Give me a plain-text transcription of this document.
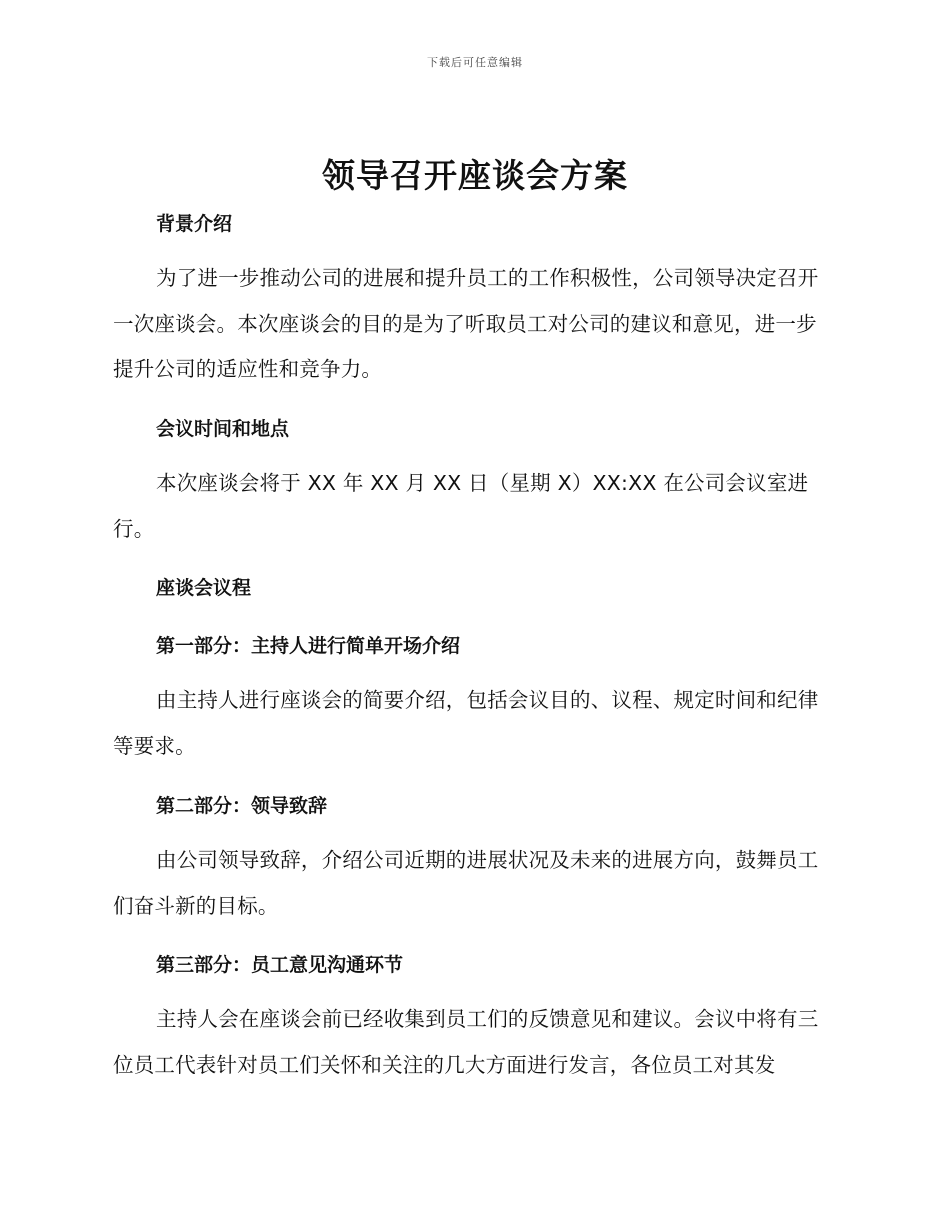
下载后可任意编辑
领导召开座谈会方案
背景介绍

为了进一步推动公司的进展和提升员工的工作积极性，公司领导决定召开一次座谈会。本次座谈会的目的是为了听取员工对公司的建议和意见，进一步提升公司的适应性和竞争力。

会议时间和地点

本次座谈会将于 XX 年 XX 月 XX 日（星期 X）XX:XX 在公司会议室进行。

座谈会议程
第一部分：主持人进行简单开场介绍

由主持人进行座谈会的简要介绍，包括会议目的、议程、规定时间和纪律等要求。

第二部分：领导致辞

由公司领导致辞，介绍公司近期的进展状况及未来的进展方向，鼓舞员工们奋斗新的目标。

第三部分：员工意见沟通环节

主持人会在座谈会前已经收集到员工们的反馈意见和建议。会议中将有三位员工代表针对员工们关怀和关注的几大方面进行发言，各位员工对其发
